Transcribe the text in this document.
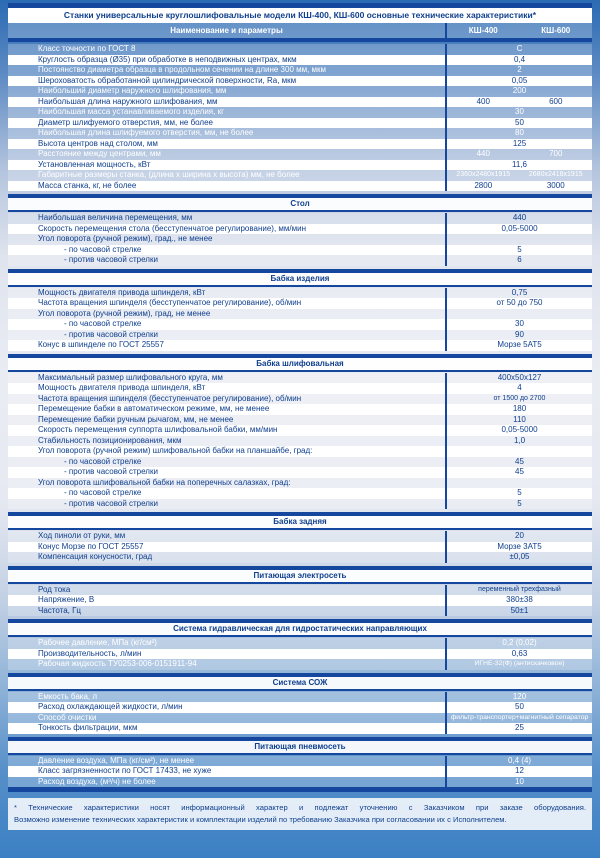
Станки универсальные круглошлифовальные модели КШ-400, КШ-600 основные технические характеристики*
Наименование и параметры	КШ-400	КШ-600
Класс точности по ГОСТ 8	С
Круглость образца (Ø35) при обработке в неподвижных центрах, мкм	0,4
Постоянство диаметра образца в продольном сечении на длине 300 мм, мкм	2
Шероховатость обработанной цилиндрической поверхности, Ra, мкм	0,05
Наибольший диаметр наружного шлифования, мм	200
Наибольшая длина наружного шлифования, мм	400	600
Наибольшая масса устанавливаемого изделия, кг	30
Диаметр шлифуемого отверстия, мм, не более	50
Наибольшая длина шлифуемого отверстия, мм, не более	80
Высота центров над столом, мм	125
Расстояние между центрами, мм	440	700
Установленная мощность, кВт	11,6
Габаритные размеры станка, (длина х ширина х высота) мм, не более	2360х2480х1915	2680х2418х1915
Масса станка, кг, не более	2800	3000
Стол
Наибольшая величина перемещения, мм	440
Скорость перемещения стола (бесступенчатое регулирование), мм/мин	0,05-5000
Угол поворота (ручной режим), град., не менее
- по часовой стрелке	5
- против часовой стрелки	6
Бабка изделия
Мощность двигателя привода шпинделя, кВт	0,75
Частота вращения шпинделя (бесступенчатое регулирование), об/мин	от 50 до 750
Угол поворота (ручной режим), град, не менее
- по часовой стрелке	30
- против часовой стрелки	90
Конус в шпинделе по ГОСТ 25557	Морзе 5АТ5
Бабка шлифовальная
Максимальный размер шлифовального круга, мм	400х50х127
Мощность двигателя привода шпинделя, кВт	4
Частота вращения шпинделя (бесступенчатое регулирование), об/мин	от 1500 до 2700
Перемещение бабки в автоматическом режиме, мм, не менее	180
Перемещение бабки ручным рычагом, мм, не менее	110
Скорость перемещения суппорта шлифовальной бабки, мм/мин	0,05-5000
Стабильность позиционирования, мкм	1,0
Угол поворота (ручной режим) шлифовальной бабки на планшайбе, град:
- по часовой стрелке	45
- против часовой стрелки	45
Угол поворота шлифовальной бабки на поперечных салазках, град:
- по часовой стрелке	5
- против часовой стрелки	5
Бабка задняя
Ход пиноли от руки, мм	20
Конус Морзе по ГОСТ 25557	Морзе 3АТ5
Компенсация конусности, град	±0,05
Питающая электросеть
Род тока	переменный трехфазный
Напряжение, В	380±38
Частота, Гц	50±1
Система гидравлическая для гидростатических направляющих
Рабочее давление, МПа (кг/см²)	0,2 (0,02)
Производительность, л/мин	0,63
Рабочая жидкость ТУ0253-006-0151911-94	ИГНЕ-32(Ф) (антискачковое)
Система СОЖ
Емкость бака, л	120
Расход охлаждающей жидкости, л/мин	50
Способ очистки	фильтр-транспортер+магнитный сепаратор
Тонкость фильтрации, мкм	25
Питающая пневмосеть
Давление воздуха, МПа (кг/см²), не менее	0,4 (4)
Класс загрязненности по ГОСТ 17433, не хуже	12
Расход воздуха, (м³/ч) не более	10
* Технические характеристики носят информационный характер и подлежат уточнению с Заказчиком при заказе оборудования.
Возможно изменение технических характеристик и комплектации изделий по требованию Заказчика при согласовании их с Исполнителем.
